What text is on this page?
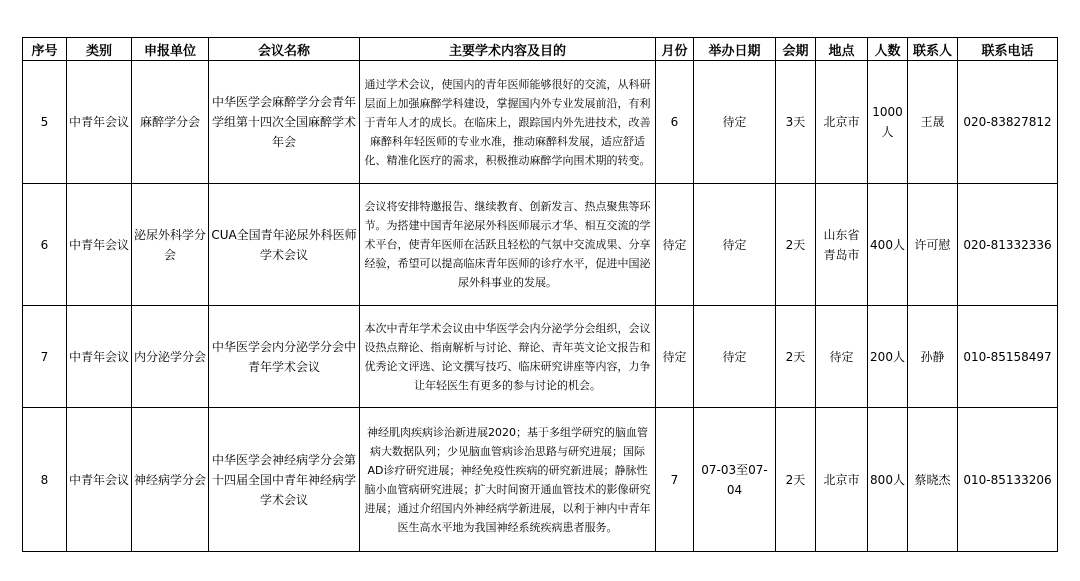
序号	类别	申报单位	会议名称	主要学术内容及目的	月份	举办日期	会期	地点	人数	联系人	联系电话
5	中青年会议	麻醉学分会	中华医学会麻醉学分会青年学组第十四次全国麻醉学术年会	通过学术会议，使国内的青年医师能够很好的交流，从科研层面上加强麻醉学科建设，掌握国内外专业发展前沿，有利于青年人才的成长。在临床上，跟踪国内外先进技术，改善麻醉科年轻医师的专业水准，推动麻醉科发展，适应舒适化、精准化医疗的需求，积极推动麻醉学向围术期的转变。	6	待定	3天	北京市	1000人	王晟	020-83827812
6	中青年会议	泌尿外科学分会	CUA全国青年泌尿外科医师学术会议	会议将安排特邀报告、继续教育、创新发言、热点聚焦等环节。为搭建中国青年泌尿外科医师展示才华、相互交流的学术平台，使青年医师在活跃且轻松的气氛中交流成果、分享经验，希望可以提高临床青年医师的诊疗水平，促进中国泌尿外科事业的发展。	待定	待定	2天	山东省青岛市	400人	许可慰	020-81332336
7	中青年会议	内分泌学分会	中华医学会内分泌学分会中青年学术会议	本次中青年学术会议由中华医学会内分泌学分会组织，会议设热点辩论、指南解析与讨论、辩论、青年英文论文报告和优秀论文评选、论文撰写技巧、临床研究讲座等内容，力争让年轻医生有更多的参与讨论的机会。	待定	待定	2天	待定	200人	孙静	010-85158497
8	中青年会议	神经病学分会	中华医学会神经病学分会第十四届全国中青年神经病学学术会议	神经肌肉疾病诊治新进展2020；基于多组学研究的脑血管病大数据队列；少见脑血管病诊治思路与研究进展；国际AD诊疗研究进展；神经免疫性疾病的研究新进展；静脉性脑小血管病研究进展；扩大时间窗开通血管技术的影像研究进展；通过介绍国内外神经病学新进展，以利于神内中青年医生高水平地为我国神经系统疾病患者服务。	7	07-03至07-04	2天	北京市	800人	蔡晓杰	010-85133206
